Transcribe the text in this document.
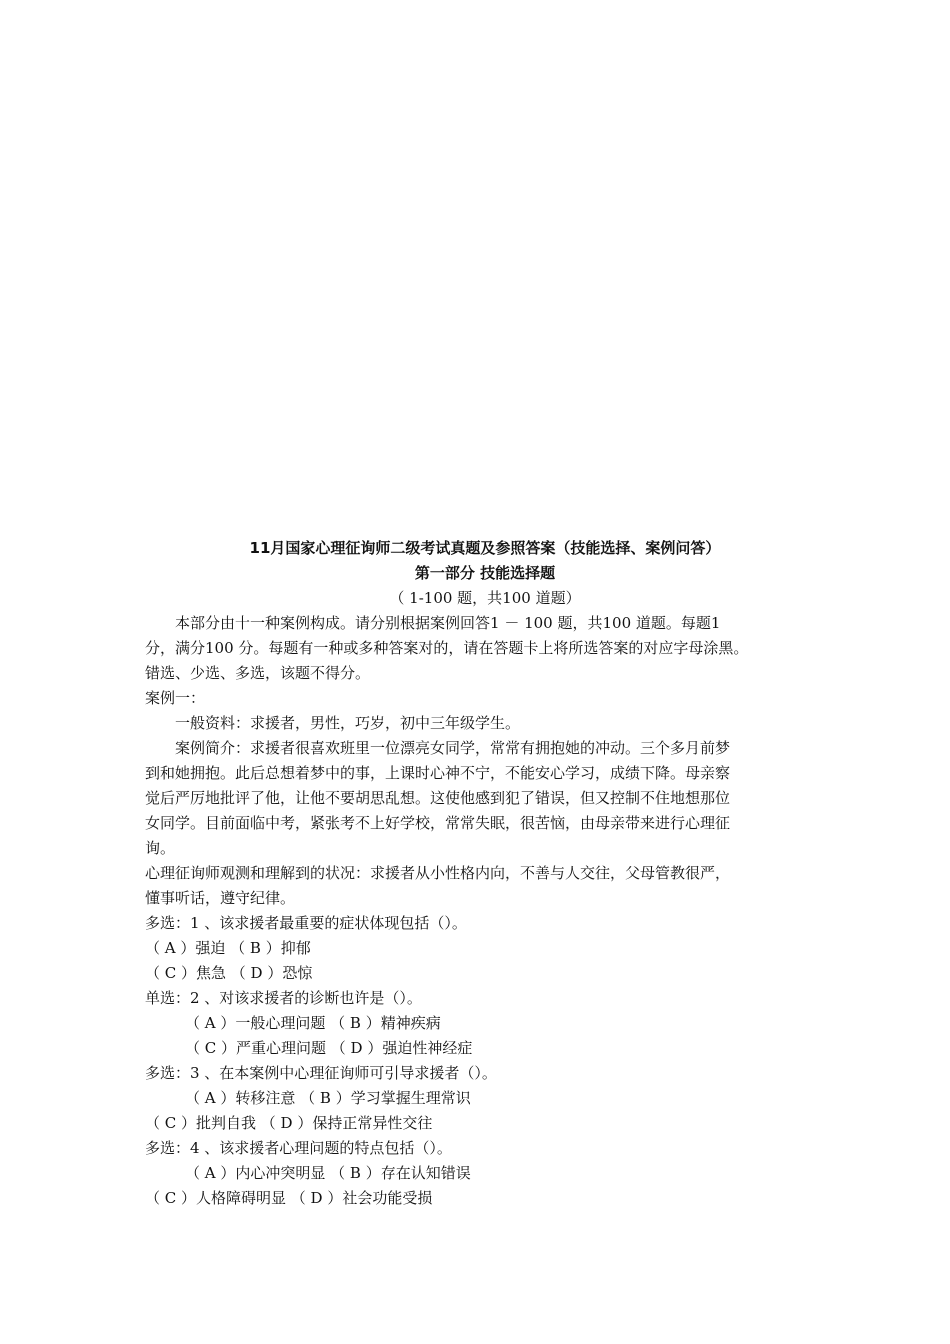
11月国家心理征询师二级考试真题及参照答案（技能选择、案例问答）
第一部分 技能选择题
（ 1-100 题，共100 道题）
本部分由十一种案例构成。请分别根据案例回答1 － 100 题，共100 道题。每题1
分，满分100 分。每题有一种或多种答案对的，请在答题卡上将所选答案的对应字母涂黑。
错选、少选、多选，该题不得分。
案例一：
一般资料：求援者，男性，巧岁，初中三年级学生。
案例简介：求援者很喜欢班里一位漂亮女同学，常常有拥抱她的冲动。三个多月前梦
到和她拥抱。此后总想着梦中的事，上课时心神不宁，不能安心学习，成绩下降。母亲察
觉后严厉地批评了他，让他不要胡思乱想。这使他感到犯了错误，但又控制不住地想那位
女同学。目前面临中考，紧张考不上好学校，常常失眠，很苦恼，由母亲带来进行心理征
询。
心理征询师观测和理解到的状况：求援者从小性格内向，不善与人交往，父母管教很严，
懂事听话，遵守纪律。
多选：1 、该求援者最重要的症状体现包括（）。
（ A ）强迫 （ B ）抑郁
（ C ）焦急 （ D ）恐惊
单选：2 、对该求援者的诊断也许是（）。
（ A ）一般心理问题 （ B ）精神疾病
（ C ）严重心理问题 （ D ）强迫性神经症
多选：3 、在本案例中心理征询师可引导求援者（）。
（ A ）转移注意 （ B ）学习掌握生理常识
（ C ）批判自我 （ D ）保持正常异性交往
多选：4 、该求援者心理问题的特点包括（）。
（ A ）内心冲突明显 （ B ）存在认知错误
（ C ）人格障碍明显 （ D ）社会功能受损
